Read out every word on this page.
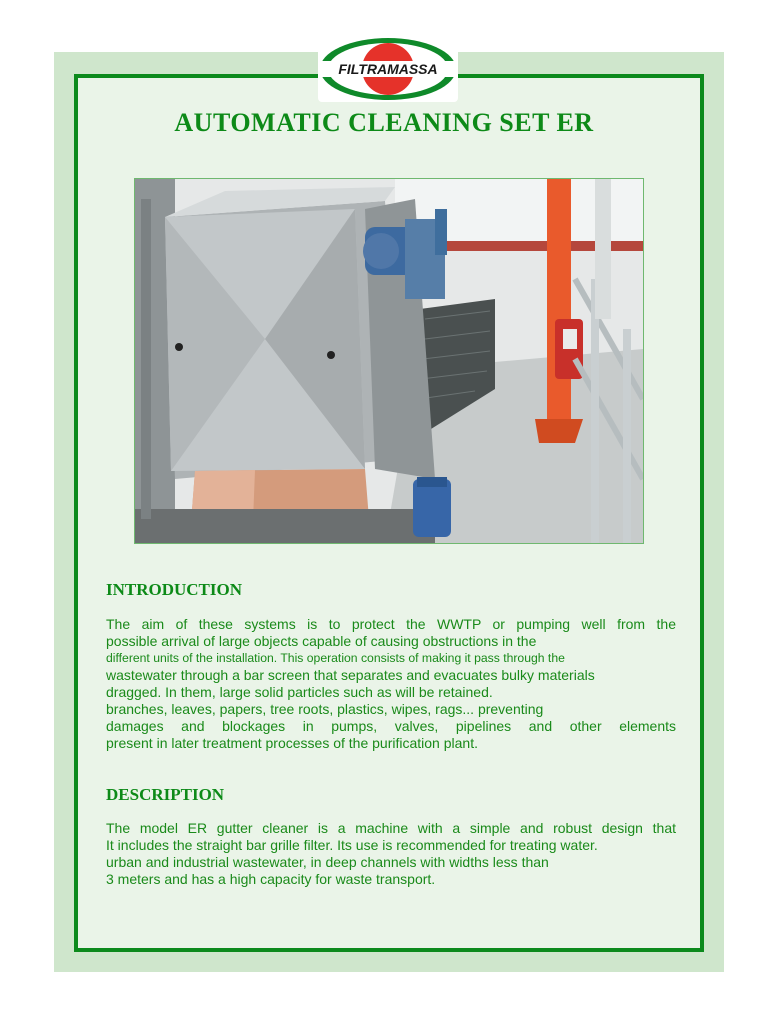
FILTRAMASSA
AUTOMATIC CLEANING SET ER
INTRODUCTION
The aim of these systems is to protect the WWTP or pumping well from the
possible arrival of large objects capable of causing obstructions in the
different units of the installation. This operation consists of making it pass through the
wastewater through a bar screen that separates and evacuates bulky materials
dragged. In them, large solid particles such as will be retained.
branches, leaves, papers, tree roots, plastics, wipes, rags... preventing
damages and blockages in pumps, valves, pipelines and other elements
present in later treatment processes of the purification plant.
DESCRIPTION
The model ER gutter cleaner is a machine with a simple and robust design that
It includes the straight bar grille filter. Its use is recommended for treating water.
urban and industrial wastewater, in deep channels with widths less than
3 meters and has a high capacity for waste transport.
